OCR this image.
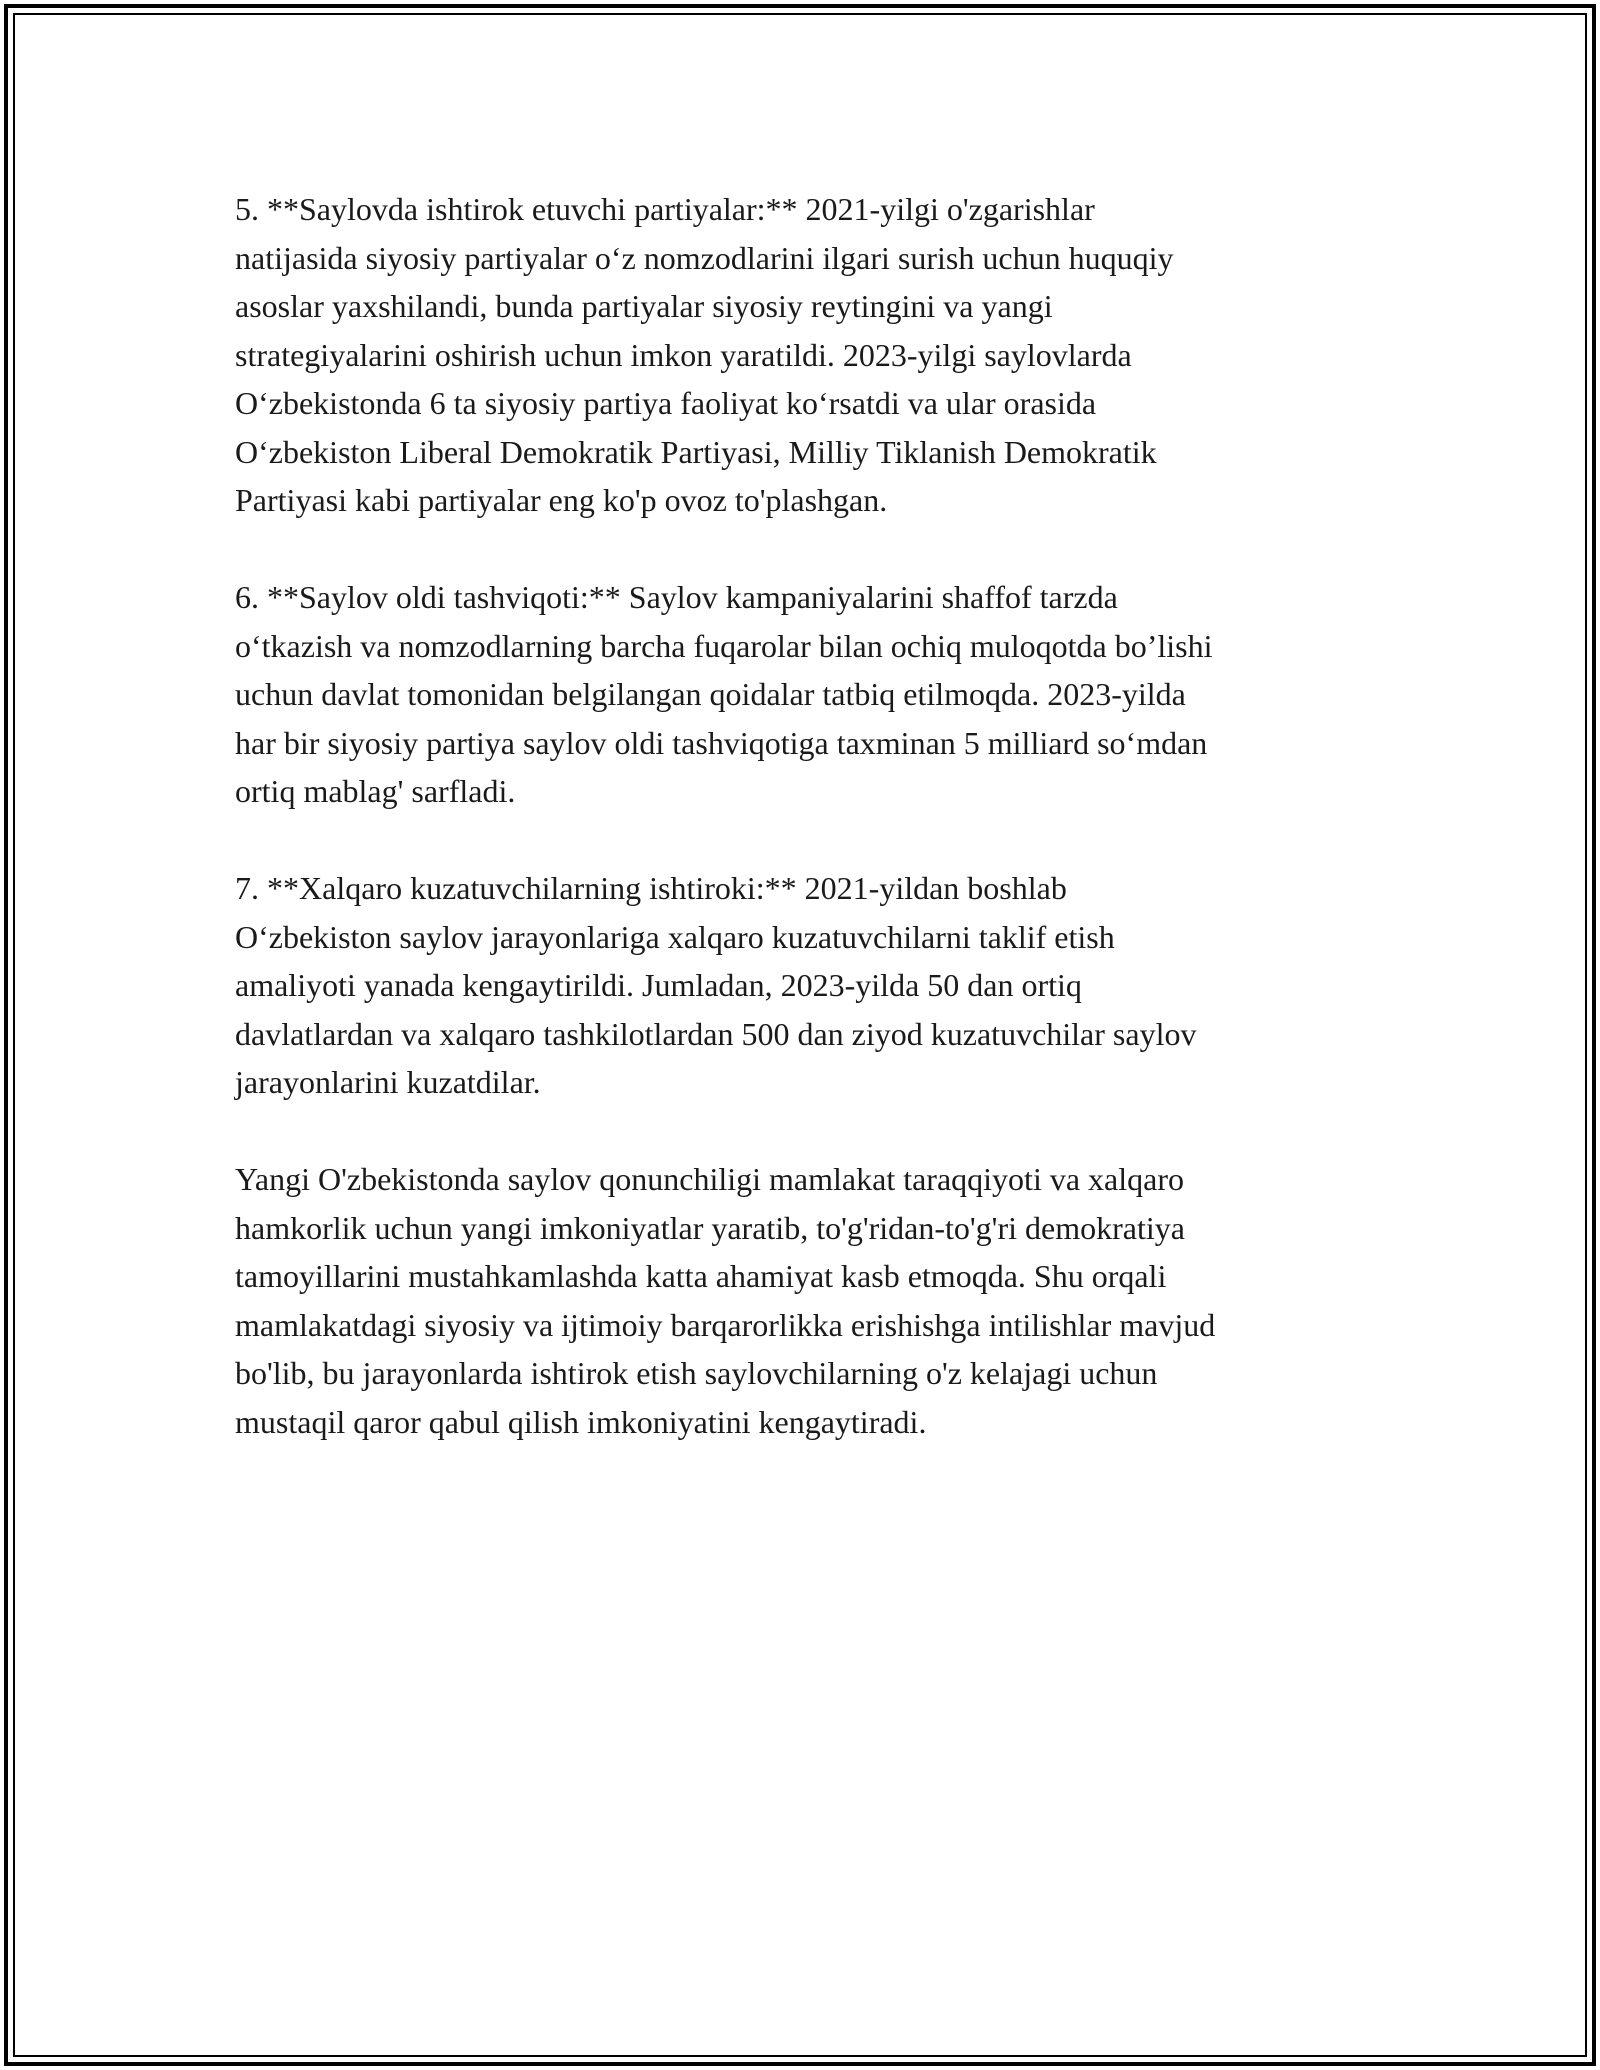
5. **Saylovda ishtirok etuvchi partiyalar:** 2021-yilgi o'zgarishlar
natijasida siyosiy partiyalar o‘z nomzodlarini ilgari surish uchun huquqiy
asoslar yaxshilandi, bunda partiyalar siyosiy reytingini va yangi
strategiyalarini oshirish uchun imkon yaratildi. 2023-yilgi saylovlarda
O‘zbekistonda 6 ta siyosiy partiya faoliyat ko‘rsatdi va ular orasida
O‘zbekiston Liberal Demokratik Partiyasi, Milliy Tiklanish Demokratik
Partiyasi kabi partiyalar eng ko'p ovoz to'plashgan.

6. **Saylov oldi tashviqoti:** Saylov kampaniyalarini shaffof tarzda
o‘tkazish va nomzodlarning barcha fuqarolar bilan ochiq muloqotda bo’lishi
uchun davlat tomonidan belgilangan qoidalar tatbiq etilmoqda. 2023-yilda
har bir siyosiy partiya saylov oldi tashviqotiga taxminan 5 milliard so‘mdan
ortiq mablag' sarfladi.

7. **Xalqaro kuzatuvchilarning ishtiroki:** 2021-yildan boshlab
O‘zbekiston saylov jarayonlariga xalqaro kuzatuvchilarni taklif etish
amaliyoti yanada kengaytirildi. Jumladan, 2023-yilda 50 dan ortiq
davlatlardan va xalqaro tashkilotlardan 500 dan ziyod kuzatuvchilar saylov
jarayonlarini kuzatdilar.

Yangi O'zbekistonda saylov qonunchiligi mamlakat taraqqiyoti va xalqaro
hamkorlik uchun yangi imkoniyatlar yaratib, to'g'ridan-to'g'ri demokratiya
tamoyillarini mustahkamlashda katta ahamiyat kasb etmoqda. Shu orqali
mamlakatdagi siyosiy va ijtimoiy barqarorlikka erishishga intilishlar mavjud
bo'lib, bu jarayonlarda ishtirok etish saylovchilarning o'z kelajagi uchun
mustaqil qaror qabul qilish imkoniyatini kengaytiradi.
